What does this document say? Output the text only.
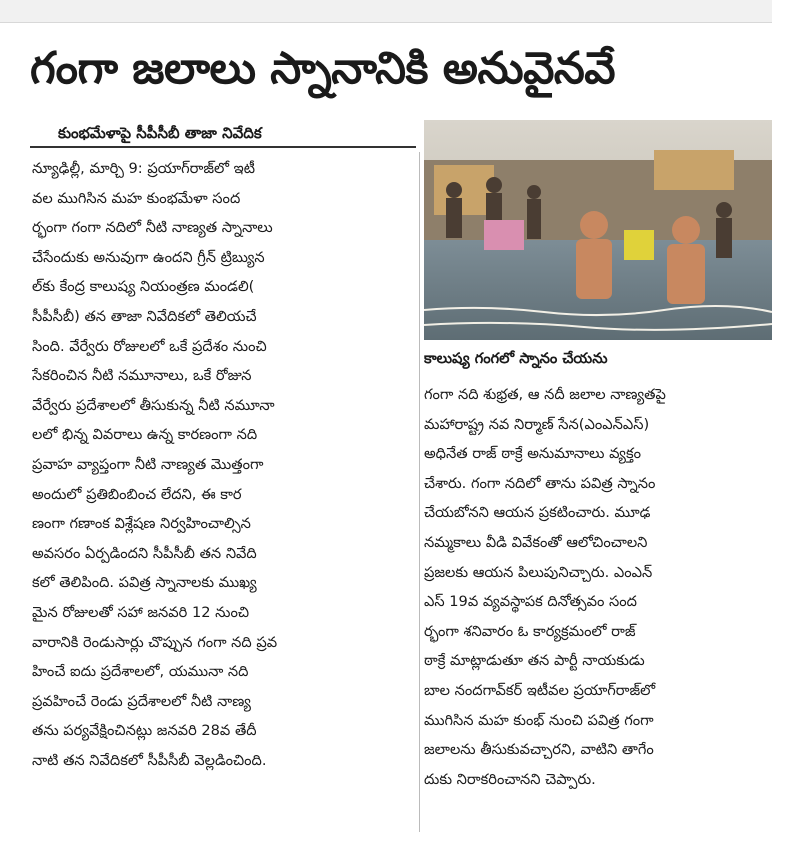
గంగా జలాలు స్నానానికి అనువైనవే
కుంభమేళాపై సీపీసీబీ తాజా నివేదిక
న్యూఢిల్లీ, మార్చి 9: ప్రయాగ్‌రాజ్‌లో ఇటీ
వల ముగిసిన మహ కుంభమేళా సంద
ర్భంగా గంగా నదిలో నీటి నాణ్యత స్నానాలు
చేసేందుకు అనువుగా ఉందని గ్రీన్ ట్రిబ్యున
ల్‌కు కేంద్ర కాలుష్య నియంత్రణ మండలి(
సీపీసీబీ) తన తాజా నివేదికలో తెలియచే
సింది. వేర్వేరు రోజులలో ఒకే ప్రదేశం నుంచి
సేకరించిన నీటి నమూనాలు, ఒకే రోజున
వేర్వేరు ప్రదేశాలలో తీసుకున్న నీటి నమూనా
లలో భిన్న వివరాలు ఉన్న కారణంగా నది
ప్రవాహ వ్యాప్తంగా నీటి నాణ్యత మొత్తంగా
అందులో ప్రతిబింబించ లేదని, ఈ కార
ణంగా గణాంక విశ్లేషణ నిర్వహించాల్సిన
అవసరం ఏర్పడిందని సీపీసీబీ తన నివేది
కలో తెలిపింది. పవిత్ర స్నానాలకు ముఖ్య
మైన రోజులతో సహా జనవరి 12 నుంచి
వారానికి రెండుసార్లు చొప్పున గంగా నది ప్రవ
హించే ఐదు ప్రదేశాలలో, యమునా నది
ప్రవహించే రెండు ప్రదేశాలలో నీటి నాణ్య
తను పర్యవేక్షించినట్లు జనవరి 28వ తేదీ
నాటి తన నివేదికలో సీపీసీబీ వెల్లడించింది.
కాలుష్య గంగలో స్నానం చేయను
గంగా నది శుభ్రత, ఆ నదీ జలాల నాణ్యతపై
మహారాష్ట్ర నవ నిర్మాణ్ సేన(ఎంఎన్ఎస్)
అధినేత రాజ్ ఠాక్రే అనుమానాలు వ్యక్తం
చేశారు. గంగా నదిలో తాను పవిత్ర స్నానం
చేయబోనని ఆయన ప్రకటించారు. మూఢ
నమ్మకాలు వీడి వివేకంతో ఆలోచించాలని
ప్రజలకు ఆయన పిలుపునిచ్చారు. ఎంఎన్
ఎస్ 19వ వ్యవస్థాపక దినోత్సవం సంద
ర్భంగా శనివారం ఓ కార్యక్రమంలో రాజ్
ఠాక్రే మాట్లాడుతూ తన పార్టీ నాయకుడు
బాల నందగావ్‌కర్ ఇటీవల ప్రయాగ్‌రాజ్‌లో
ముగిసిన మహ కుంభ్ నుంచి పవిత్ర గంగా
జలాలను తీసుకువచ్చారని, వాటిని తాగేం
దుకు నిరాకరించానని చెప్పారు.
